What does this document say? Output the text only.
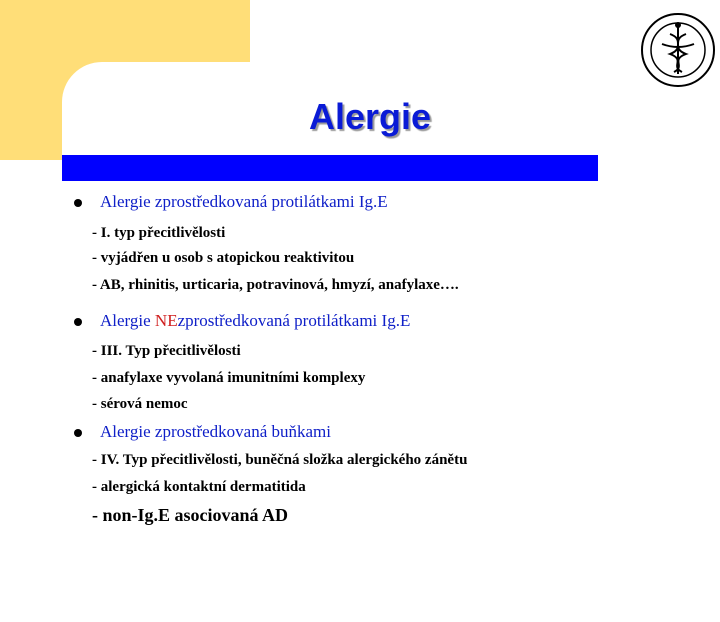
Alergie
Alergie zprostředkovaná protilátkami Ig.E
- I. typ přecitlivělosti
- vyjádřen u osob s atopickou reaktivitou
- AB, rhinitis, urticaria, potravinová, hmyzí, anafylaxe….
Alergie NEzprostředkovaná protilátkami Ig.E
- III. Typ přecitlivělosti
- anafylaxe vyvolaná imunitními komplexy
- sérová nemoc
Alergie zprostředkovaná buňkami
- IV. Typ přecitlivělosti, buněčná složka alergického zánětu
- alergická kontaktní dermatitida
- non-Ig.E asociovaná AD
